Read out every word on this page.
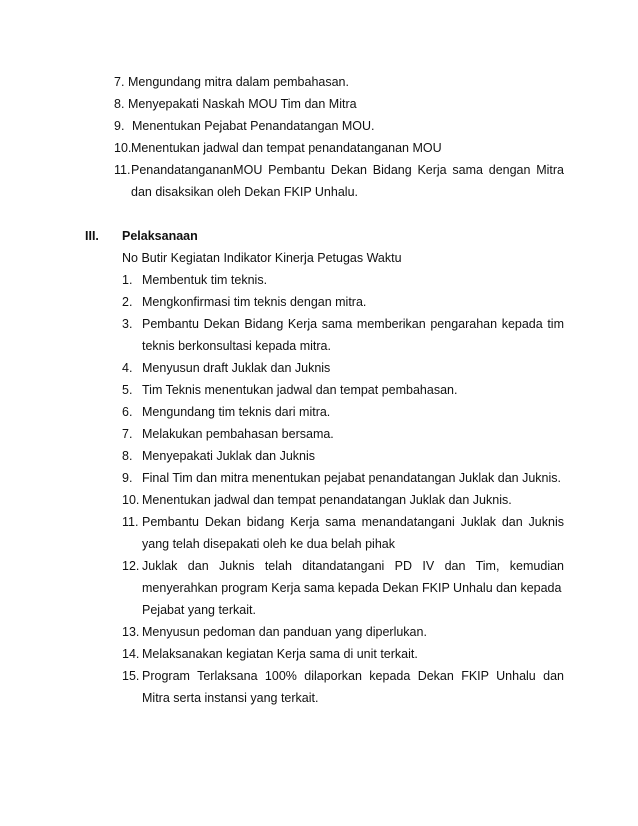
7. Mengundang mitra dalam pembahasan.
8. Menyepakati Naskah MOU Tim dan Mitra
9. Menentukan Pejabat Penandatangan MOU.
10. Menentukan jadwal dan tempat penandatanganan MOU
11. PenandatangananMOU Pembantu Dekan Bidang Kerja sama dengan Mitra
dan disaksikan oleh Dekan FKIP Unhalu.
III. Pelaksanaan
No Butir Kegiatan Indikator Kinerja Petugas Waktu
1. Membentuk tim teknis.
2. Mengkonfirmasi tim teknis dengan mitra.
3. Pembantu Dekan Bidang Kerja sama memberikan pengarahan kepada tim
teknis berkonsultasi kepada mitra.
4. Menyusun draft Juklak dan Juknis
5. Tim Teknis menentukan jadwal dan tempat pembahasan.
6. Mengundang tim teknis dari mitra.
7. Melakukan pembahasan bersama.
8. Menyepakati Juklak dan Juknis
9. Final Tim dan mitra menentukan pejabat penandatangan Juklak dan Juknis.
10. Menentukan jadwal dan tempat penandatangan Juklak dan Juknis.
11. Pembantu Dekan bidang Kerja sama menandatangani Juklak dan Juknis
yang telah disepakati oleh ke dua belah pihak
12. Juklak dan Juknis telah ditandatangani PD IV dan Tim, kemudian
menyerahkan program Kerja sama kepada Dekan FKIP Unhalu dan kepada
Pejabat yang terkait.
13. Menyusun pedoman dan panduan yang diperlukan.
14. Melaksanakan kegiatan Kerja sama di unit terkait.
15. Program Terlaksana 100% dilaporkan kepada Dekan FKIP Unhalu dan
Mitra serta instansi yang terkait.
